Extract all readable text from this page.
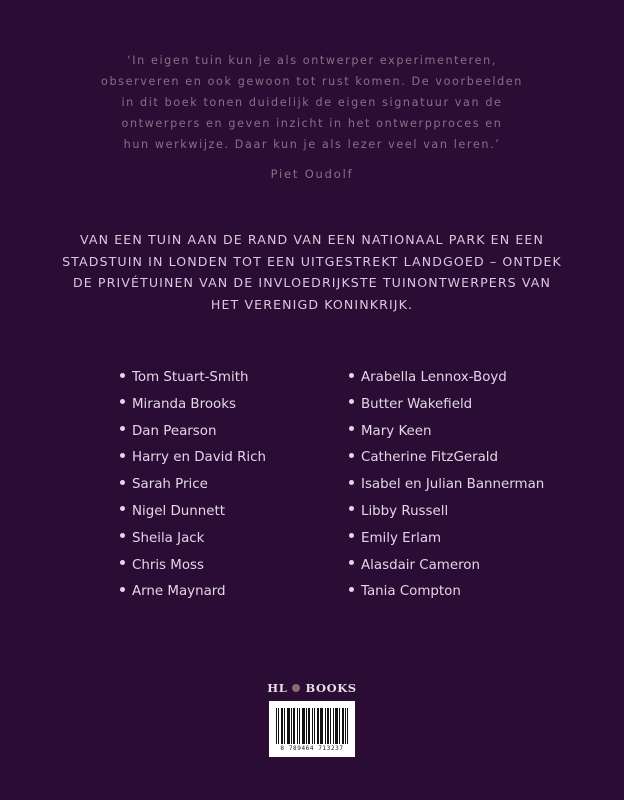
‘In eigen tuin kun je als ontwerper experimenteren,
observeren en ook gewoon tot rust komen. De voorbeelden
in dit boek tonen duidelijk de eigen signatuur van de
ontwerpers en geven inzicht in het ontwerpproces en
hun werkwijze. Daar kun je als lezer veel van leren.’
Piet Oudolf
VAN EEN TUIN AAN DE RAND VAN EEN NATIONAAL PARK EN EEN
STADSTUIN IN LONDEN TOT EEN UITGESTREKT LANDGOED – ONTDEK
DE PRIVÉTUINEN VAN DE INVLOEDRIJKSTE TUINONTWERPERS VAN
HET VERENIGD KONINKRIJK.
Tom Stuart-Smith
Miranda Brooks
Dan Pearson
Harry en David Rich
Sarah Price
Nigel Dunnett
Sheila Jack
Chris Moss
Arne Maynard
Arabella Lennox-Boyd
Butter Wakefield
Mary Keen
Catherine FitzGerald
Isabel en Julian Bannerman
Libby Russell
Emily Erlam
Alasdair Cameron
Tania Compton
HL BOOKS
8 789464 713237
